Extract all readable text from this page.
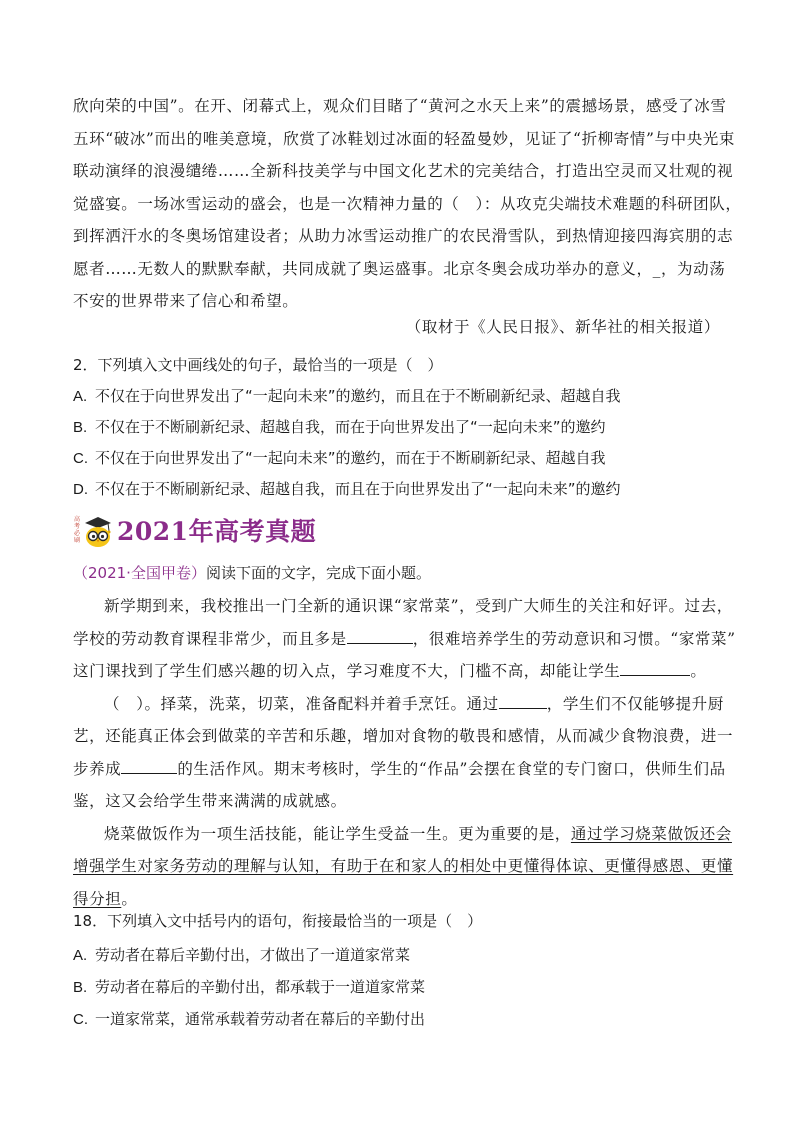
欣向荣的中国”。在开、闭幕式上，观众们目睹了“黄河之水天上来”的震撼场景，感受了冰雪
五环“破冰”而出的唯美意境，欣赏了冰鞋划过冰面的轻盈曼妙，见证了“折柳寄情”与中央光束
联动演绎的浪漫缱绻……全新科技美学与中国文化艺术的完美结合，打造出空灵而又壮观的视
觉盛宴。一场冰雪运动的盛会，也是一次精神力量的（　）：从攻克尖端技术难题的科研团队，
到挥洒汗水的冬奥场馆建设者；从助力冰雪运动推广的农民滑雪队，到热情迎接四海宾朋的志
愿者……无数人的默默奉献，共同成就了奥运盛事。北京冬奥会成功举办的意义，_，为动荡
不安的世界带来了信心和希望。
（取材于《人民日报》、新华社的相关报道）
2．下列填入文中画线处的句子，最恰当的一项是（　）
A. 不仅在于向世界发出了“一起向未来”的邀约，而且在于不断刷新纪录、超越自我
B. 不仅在于不断刷新纪录、超越自我，而在于向世界发出了“一起向未来”的邀约
C. 不仅在于向世界发出了“一起向未来”的邀约，而在于不断刷新纪录、超越自我
D. 不仅在于不断刷新纪录、超越自我，而且在于向世界发出了“一起向未来”的邀约
高
考
必
刷 2021年高考真题
（2021·全国甲卷）阅读下面的文字，完成下面小题。
新学期到来，我校推出一门全新的通识课“家常菜”，受到广大师生的关注和好评。过去，
学校的劳动教育课程非常少，而且多是	，很难培养学生的劳动意识和习惯。“家常菜”
这门课找到了学生们感兴趣的切入点，学习难度不大，门槛不高，却能让学生	。
（　）。择菜，洗菜，切菜，准备配料并着手烹饪。通过	，学生们不仅能够提升厨
艺，还能真正体会到做菜的辛苦和乐趣，增加对食物的敬畏和感情，从而减少食物浪费，进一
步养成	的生活作风。期末考核时，学生的“作品”会摆在食堂的专门窗口，供师生们品
鉴，这又会给学生带来满满的成就感。
烧菜做饭作为一项生活技能，能让学生受益一生。更为重要的是，通过学习烧菜做饭还会
增强学生对家务劳动的理解与认知，有助于在和家人的相处中更懂得体谅、更懂得感恩、更懂
得分担。
18．下列填入文中括号内的语句，衔接最恰当的一项是（　）
A. 劳动者在幕后辛勤付出，才做出了一道道家常菜
B. 劳动者在幕后的辛勤付出，都承载于一道道家常菜
C. 一道家常菜，通常承载着劳动者在幕后的辛勤付出
